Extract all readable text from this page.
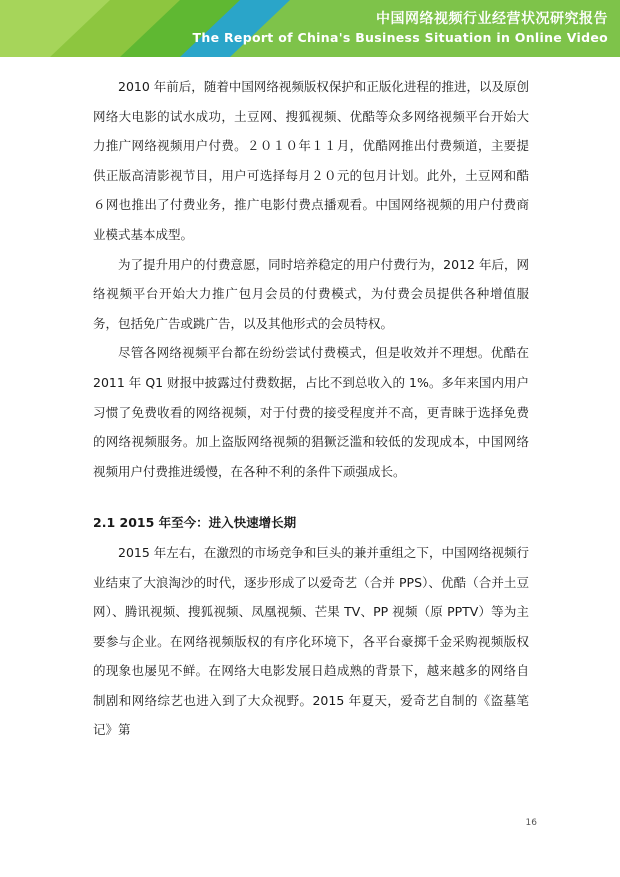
中国网络视频行业经营状况研究报告
The Report of China's Business Situation in Online Video

2010 年前后，随着中国网络视频版权保护和正版化进程的推进，以及原创网络大电影的试水成功，土豆网、搜狐视频、优酷等众多网络视频平台开始大力推广网络视频用户付费。２０１０年１１月，优酷网推出付费频道，主要提供正版高清影视节目，用户可选择每月２０元的包月计划。此外，土豆网和酷６网也推出了付费业务，推广电影付费点播观看。中国网络视频的用户付费商业模式基本成型。

为了提升用户的付费意愿，同时培养稳定的用户付费行为，2012 年后，网络视频平台开始大力推广包月会员的付费模式，为付费会员提供各种增值服务，包括免广告或跳广告，以及其他形式的会员特权。

尽管各网络视频平台都在纷纷尝试付费模式，但是收效并不理想。优酷在 2011 年 Q1 财报中披露过付费数据，占比不到总收入的 1%。多年来国内用户习惯了免费收看的网络视频，对于付费的接受程度并不高，更青睐于选择免费的网络视频服务。加上盗版网络视频的猖獗泛滥和较低的发现成本，中国网络视频用户付费推进缓慢，在各种不利的条件下顽强成长。

2.1 2015 年至今：进入快速增长期

2015 年左右，在激烈的市场竞争和巨头的兼并重组之下，中国网络视频行业结束了大浪淘沙的时代，逐步形成了以爱奇艺（合并 PPS）、优酷（合并土豆网）、腾讯视频、搜狐视频、凤凰视频、芒果 TV、PP 视频（原 PPTV）等为主要参与企业。在网络视频版权的有序化环境下，各平台豪掷千金采购视频版权的现象也屡见不鲜。在网络大电影发展日趋成熟的背景下，越来越多的网络自制剧和网络综艺也进入到了大众视野。2015 年夏天，爱奇艺自制的《盗墓笔记》第

16
